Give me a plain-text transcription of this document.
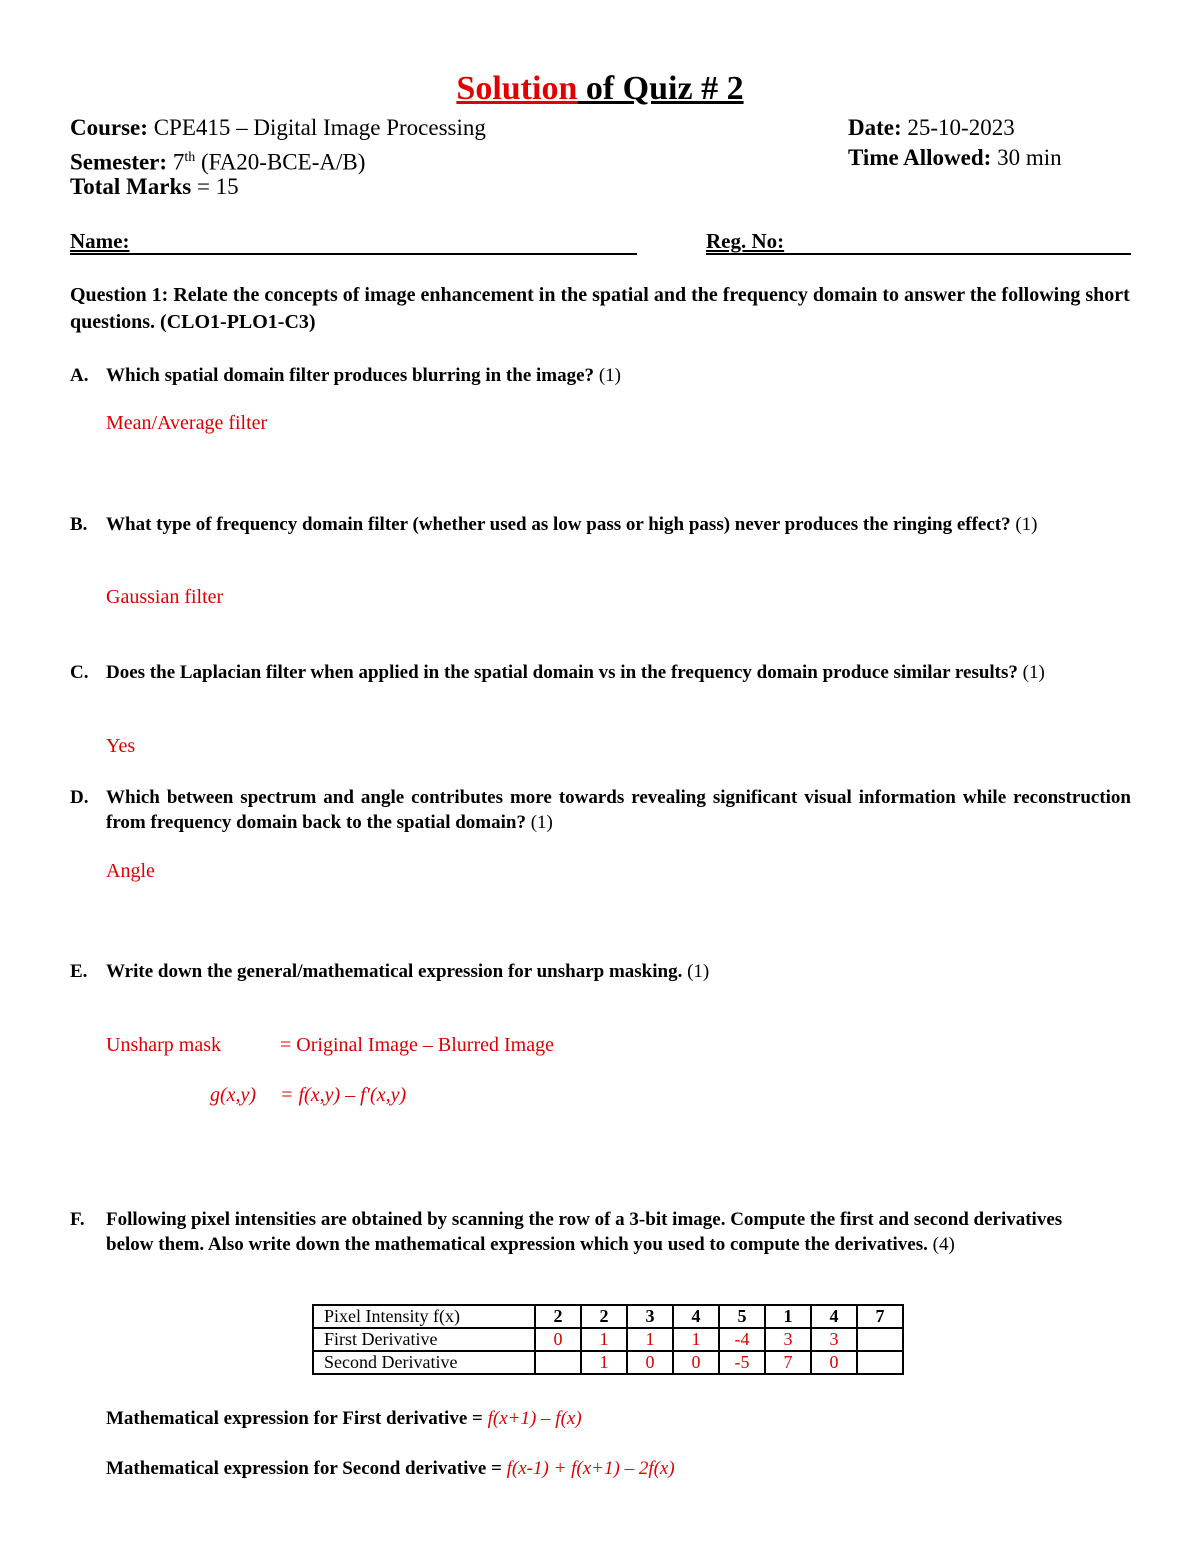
Solution of Quiz # 2
Course: CPE415 – Digital Image Processing	Date: 25-10-2023
Semester: 7th (FA20-BCE-A/B)	Time Allowed: 30 min
Total Marks = 15
Name:	Reg. No:
Question 1: Relate the concepts of image enhancement in the spatial and the frequency domain to answer the following short questions. (CLO1-PLO1-C3)
A. Which spatial domain filter produces blurring in the image? (1)
Mean/Average filter
B. What type of frequency domain filter (whether used as low pass or high pass) never produces the ringing effect? (1)
Gaussian filter
C. Does the Laplacian filter when applied in the spatial domain vs in the frequency domain produce similar results? (1)
Yes
D. Which between spectrum and angle contributes more towards revealing significant visual information while reconstruction from frequency domain back to the spatial domain? (1)
Angle
E. Write down the general/mathematical expression for unsharp masking. (1)
Unsharp mask	= Original Image – Blurred Image
g(x,y) = f(x,y) – f′(x,y)
F. Following pixel intensities are obtained by scanning the row of a 3-bit image. Compute the first and second derivatives below them. Also write down the mathematical expression which you used to compute the derivatives. (4)
Pixel Intensity f(x)	2	2	3	4	5	1	4	7
First Derivative	0	1	1	1	-4	3	3	
Second Derivative		1	0	0	-5	7	0	
Mathematical expression for First derivative = f(x+1) – f(x)
Mathematical expression for Second derivative = f(x-1) + f(x+1) – 2f(x)
